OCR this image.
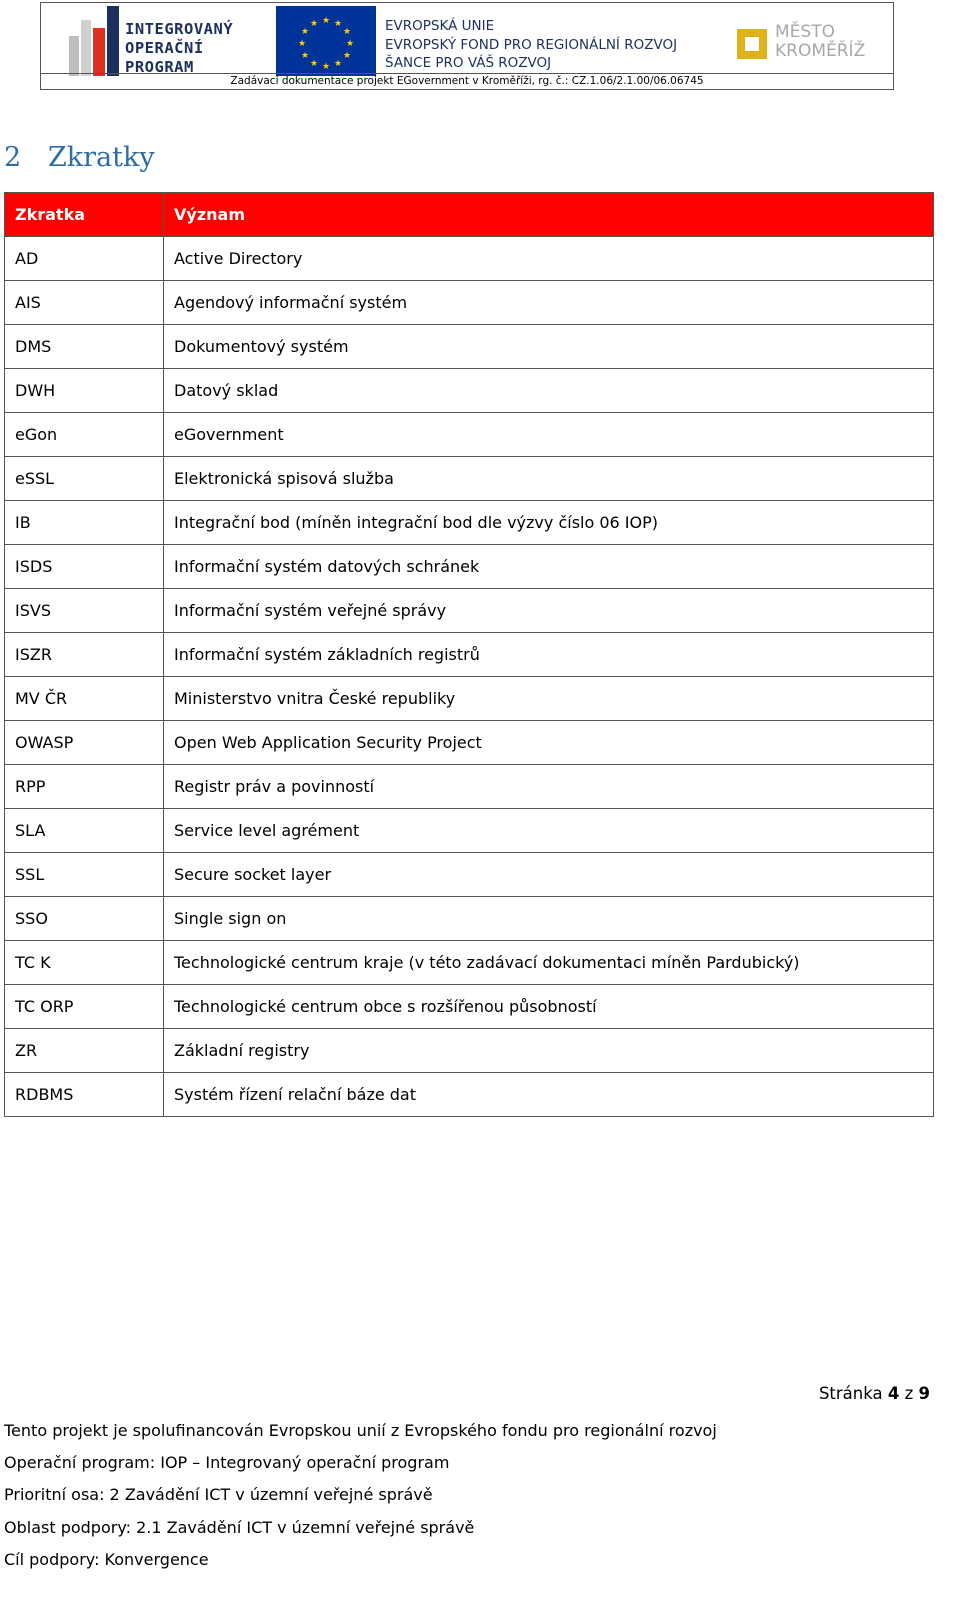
INTEGROVANÝ
OPERAČNÍ
PROGRAM
★ ★
★
★
★
★
★
★
★
★
★
★	EVROPSKÁ UNIE
EVROPSKÝ FOND PRO REGIONÁLNÍ ROZVOJ
ŠANCE PRO VÁŠ ROZVOJ
MĚSTO
KROMĚŘÍŽ
Zadávací dokumentace projekt EGovernment v Kroměříži, rg. č.: CZ.1.06/2.1.00/06.06745
2 Zkratky
Zkratka	Význam
AD	Active Directory
AIS	Agendový informační systém
DMS	Dokumentový systém
DWH	Datový sklad
eGon	eGovernment
eSSL	Elektronická spisová služba
IB	Integrační bod (míněn integrační bod dle výzvy číslo 06 IOP)
ISDS	Informační systém datových schránek
ISVS	Informační systém veřejné správy
ISZR	Informační systém základních registrů
MV ČR	Ministerstvo vnitra České republiky
OWASP	Open Web Application Security Project
RPP	Registr práv a povinností
SLA	Service level agrément
SSL	Secure socket layer
SSO	Single sign on
TC K	Technologické centrum kraje (v této zadávací dokumentaci míněn Pardubický)
TC ORP	Technologické centrum obce s rozšířenou působností
ZR	Základní registry
RDBMS	Systém řízení relační báze dat
Stránka 4 z 9
Tento projekt je spolufinancován Evropskou unií z Evropského fondu pro regionální rozvoj
Operační program: IOP – Integrovaný operační program
Prioritní osa: 2 Zavádění ICT v územní veřejné správě
Oblast podpory: 2.1 Zavádění ICT v územní veřejné správě
Cíl podpory: Konvergence
